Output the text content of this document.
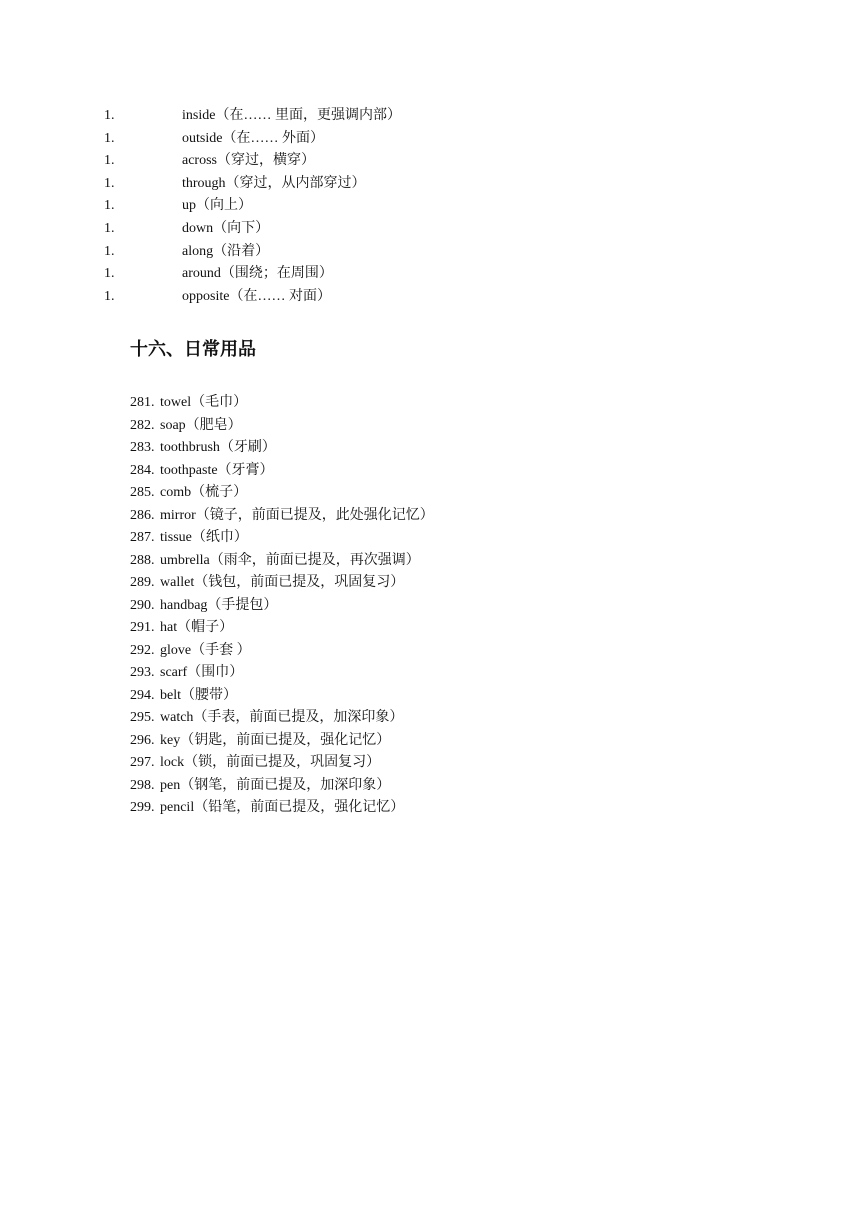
1.	inside（在…… 里面，更强调内部）
1.	outside（在…… 外面）
1.	across（穿过，横穿）
1.	through（穿过，从内部穿过）
1.	up（向上）
1.	down（向下）
1.	along（沿着）
1.	around（围绕；在周围）
1.	opposite（在…… 对面）
十六、日常用品
281. towel（毛巾）
282. soap（肥皂）
283. toothbrush（牙刷）
284. toothpaste（牙膏）
285. comb（梳子）
286. mirror（镜子，前面已提及，此处强化记忆）
287. tissue（纸巾）
288. umbrella（雨伞，前面已提及，再次强调）
289. wallet（钱包，前面已提及，巩固复习）
290. handbag（手提包）
291. hat（帽子）
292. glove（手套 ）
293. scarf（围巾）
294. belt（腰带）
295. watch（手表，前面已提及，加深印象）
296. key（钥匙，前面已提及，强化记忆）
297. lock（锁，前面已提及，巩固复习）
298. pen（钢笔，前面已提及，加深印象）
299. pencil（铅笔，前面已提及，强化记忆）
